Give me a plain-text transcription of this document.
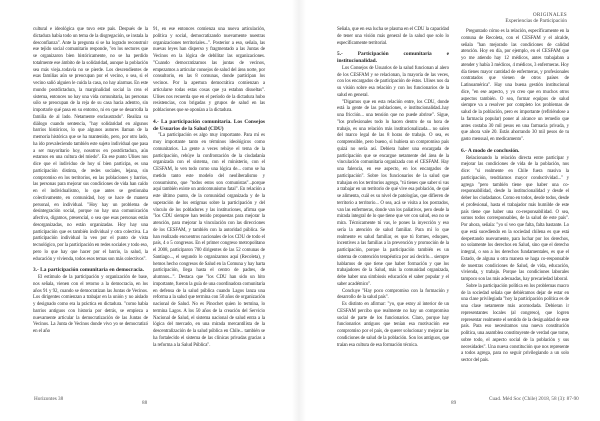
ORIGINALES
Experiencias de Participación

cultural e ideológica que tuvo este país. Después de la dictadura había todo un tema de la disgregación, se instala la desconfianza". Ante la pregunta si se ha logrado reconstruir ese tejido social comunitario responde, "en los sectores que se organizaron bien históricamente, no se ha perdido totalmente ese ámbito de la solidaridad, aunque la población sea más vieja..todavía no se pierde. Los descendientes de esas familias aún se preocupan por el vecino, o sea, si el vecino salió alguien le cuida la casa, no hay alarmas. En este mundo postdictadura, la marginalidad social la crea el sistema, entonces no hay una vida comunitaria, las personas sólo se preocupan de la reja de su casa hacia adentro, sin importarle qué pasa en su entorno, ni en que se desarrolla la familia de al lado. Netamente enclaustrado". Realiza su diálogo cuando sentencia, "hay solidaridad en algunos barrios históricos, lo que algunos autores llaman de la memoria histórica que se ha mantenido, pero, por otro lado, ha ido prevaleciendo también este sujeto individual que pasa a ser mayoritario hoy, nosotros en postdictadura, aún estamos en una cultura del miedo". En ese punto Ulises nos dice que el individuo de hoy sí bien participa, es una participación distinta, de redes sociales, lejana, sin compromiso en los territorios, en las poblaciones y barrios, las personas para mejorar sus condiciones de vida han caído en el individualismo, lo que antes se gestionaba colectivamente, en comunidad, hoy se hace de manera personal, en individual. "Hoy hay un problema de desintegración social, porque no hay una comunicación afectiva, digamos, presencial, o sea que esas personas están desorganizadas, no están organizadas. Hoy hay una participación que es también individual y otra colectiva. La participación individual la veo por el punto de vista tecnológico, por la participación en redes sociales y todo eso, pero lo que hay que hacer por el barrio, la salud, la educación y vivienda, todos esos temas son más colectivos".

3.- La participación comunitaria en democracia.

El estímulo de la participación y organización de base, nos señala, vienen con el retorno a la democracia, en los años 91 y 92, cuando se democratizan las Juntas de Vecinos. Los dirigentes comienzan a trabajar en la unión y no aislado y designado como era la práctica en dictadura. "como había barrios antiguos con historia por detrás, se empieza a nuevamente articular la democratización de las Juntas de Vecinos. La Junta de Vecinos donde vivo yo se democratizó en el año

91, en ese entonces comienza una nueva articulación, política y social, democratizando nuevamente nuestras organizaciones territoriales...". Posterior a eso, señala, las nuevas leyes han disperso y fragmentado a las Juntas de Vecinos en la lógica de debilitar las organizaciones. "Cuando democratizamos las juntas de vecinos, empezamos a articular consejos de salud del área norte, por consultorio, en las 8 comunas, donde participan los vecinos. Por la apertura democrática comienzan a articularse todas estas cosas que ya estaban disueltas". Ulises nos recuerda que en el período de la dictadura hubo resistencias, con brigadas y grupos de salud en las poblaciones que se oponían a la dictadura.

4.- La participación comunitaria. Los Consejos de Usuarios de la Salud (CDU)

"La participación es algo muy importante. Para mí es muy importante tanto en términos ideológicos como comunitarios. La gente a veces rehúye el tema de la participación, rehúye la confrontación de la ciudadanía organizada con el sistema, con el ministerio, con el CESFAM, lo ven todo como una lógica de... como se ha metido tanto este modelo del neoliberalismo y consumismo, que "todos estos son comunistas"...porque aquí también existe un anticomunismo fatal". En relación a este último punto, de la comunidad organizada y de la superación de los estigmas sobre la participación y del vínculo de los pobladores y las instituciones, afirma que "los CDU siempre han tenido propuestas para mejorar la atención, para mejorar la vinculación con las direcciones de los CESFAM, y también con la autoridad pública. Se han realizado encuentros nacionales de los CDU de todo el país, 4 o 5 congresos. En el primer congreso metropolitano el 2008, participaron 700 dirigentes de las 52 comunas de Santiago..., el segundo lo organizamos aquí (Recoleta), y hemos hecho congresos de Salud en la Comuna y hay harta participación, llega hasta el centro de padres, de alumnos...". Destaca que "los CDU han sido un hito importante, fueron la guía de una coordinadora comunitaria en defensa de la salud pública cuando Lagos lanza una reforma a la salud que termina con 50 años de organización nacional de Salud. No es Pinochet quien lo termina, lo termina Lagos. A los 50 años de la creación del Servicio Nacional de Salud, el sistema nacional de salud entra a la lógica del mercado, en una mirada mercantilista de la descentralización de la salud pública en Chile... también se ha fortalecido el sistema de las clínicas privadas gracias a la reforma a la Salud Pública".

Señala, que en esa lucha se plasma en el CDU la capacidad de tener una visión más general de la salud que solo lo específicamente territorial.

5.- Participación comunitaria e institucionalidad.

Los Consejos de Usuarios de la salud funcionan al alero de los CESFAM y se relacionan, la mayoría de las veces, con los encargados de participación de éstos. Ulises nos da su visión sobre esa relación y con los funcionarios de la salud en general.

"Digamos que en esta relación entre, los CDU, donde está la gente de las poblaciones, e institucionalidad..hay una fricción... una tensión que no puede abrirse". Sigue, "los profesionales todo lo hacen dentro de su hora de trabajo, es una relación más institucionalizada... no salen del marco legal de las 8 horas de trabajo. O sea, es comprensible, pero bueno, si hubiera un compromiso país quizá no sería así. Debiera haber una encargada de participación que se encargue netamente del área de la vinculación comunitaria organizada con el CESFAM. Hay una falencia, en ese aspecto, en los encargados de participación". Sobre los funcionarios de la salud que trabajan en los territorios agrega, "tú tienes que saber si vas a trabajar en un territorio de qué vive esa población, de qué se alimenta, cuál es su nivel de patologías, que difieren de territorio a territorio... O sea, acá se visita a los postrados, van las enfermeras, donde van los paliativos, pero desde la mirada integral de lo que tiene que ver con salud, eso no se mira. Técnicamente tú vas, le pones la inyección y eso sería la atención de salud familiar. Para mí lo que realmente es salud familiar, es que tú formes, eduques, incentives a las familias a la prevención y promoción de la participación, porque la participación también es un sistema de contención terapéutica por así decirlo... siempre hablamos de que tiene que haber formación y que los trabajadores de la Salud, más la comunidad organizada, debe haber una simbiosis educación el saber popular y el saber académico".

Concluye "Hay poco compromiso con la formación y desarrollo de la salud país".

Es distinto en afirmar: "yo, que estoy al interior de un CESFAM percibo que realmente no hay un compromiso social de parte de los funcionarios. Claro, porque hay funcionarios antiguos que tenían esa motivación ese compromiso por el país, de querer solucionar y mejorar las condiciones de salud de la población. Son los antiguos, que traían esa cultura de esa formación técnica.

Preguntado cómo es la relación, específicamente en la comuna de Recoleta, con el CESFAM y el alcalde, señala "han mejorado las condiciones de calidad atención. Hoy en día, por ejemplo, en el CESFAM que yo me atiendo hay 12 médicos, antes trabajaban a atender y había 3 médicos, 4 médicos, 3 enfermeras. Hoy día tienes mayor cantidad de enfermeras, y profesionales contratados que vienen de otros países de Latinoamérica". Hay una buena gestión institucional dice, "en ese aspecto, y yo creo que en muchos otros aspectos también. O sea, formar equipos de salud siempre va a resolver por completo los problemas de salud de la población, pero es importante (refiriéndose a la farmacia popular) poner al alcance un remedio que antes costaba 30 mil pesos en una farmacia privada, y que ahora vale 20. Estás ahorrando 30 mil pesos de tu gasto mensual, en medicamento".

6.- A modo de conclusión.

Relacionando la relación directa entre participar y mejorar las condiciones de vida de la población, nos dice: "si realmente en Chile fuera masiva la participación, tendríamos mayor conductividad..." y agrega "pero también tiene que haber una co-responsabilidad, desde la institucionalidad y desde el deber los ciudadanos. Como en todos, desde todos, desde el profesional, hasta el trabajador más humilde de este país tiene que haber una co-responsabilidad. O sea, somos todos corresponsables, de la salud de este país". Por ahora, señala: "yo sí veo que falta, falta bastante. Lo que está sucediendo en la sociedad chilena es que está despertando nuevamente, para luchar por los derechos, no solamente los derechos en Salud, sino que el derecho integral, o sea a los derechos fundamentales, es que el Estado, de alguna u otra manera se haga co-responsable de nuestras condiciones de Salud, de vida, educación, vivienda, y trabajo. Porque las condiciones laborales tampoco son las más adecuadas, hay precariedad laboral.

Sobre la participación política en los problemas macro de la sociedad señala que debiéramos dejar de estar en una clase privilegiada "hoy la participación política es de una clase netamente más acomodada. Debieran ir representantes locales (al congreso), que logren representar realmente el sentido de la desigualdad de este país. Para eso necesitamos una nueva constitución política, una asamblea constituyente de verdad que tome, sobre todo, el aspecto social de la población y sus necesidades". Una nueva constitución que nos represente a todos agrega, para no seguir privilegiando a un solo sector del país.

Horizontes 38
88	89
Cuad. Méd Soc (Chile) 2018, 58 (3): 87-90
